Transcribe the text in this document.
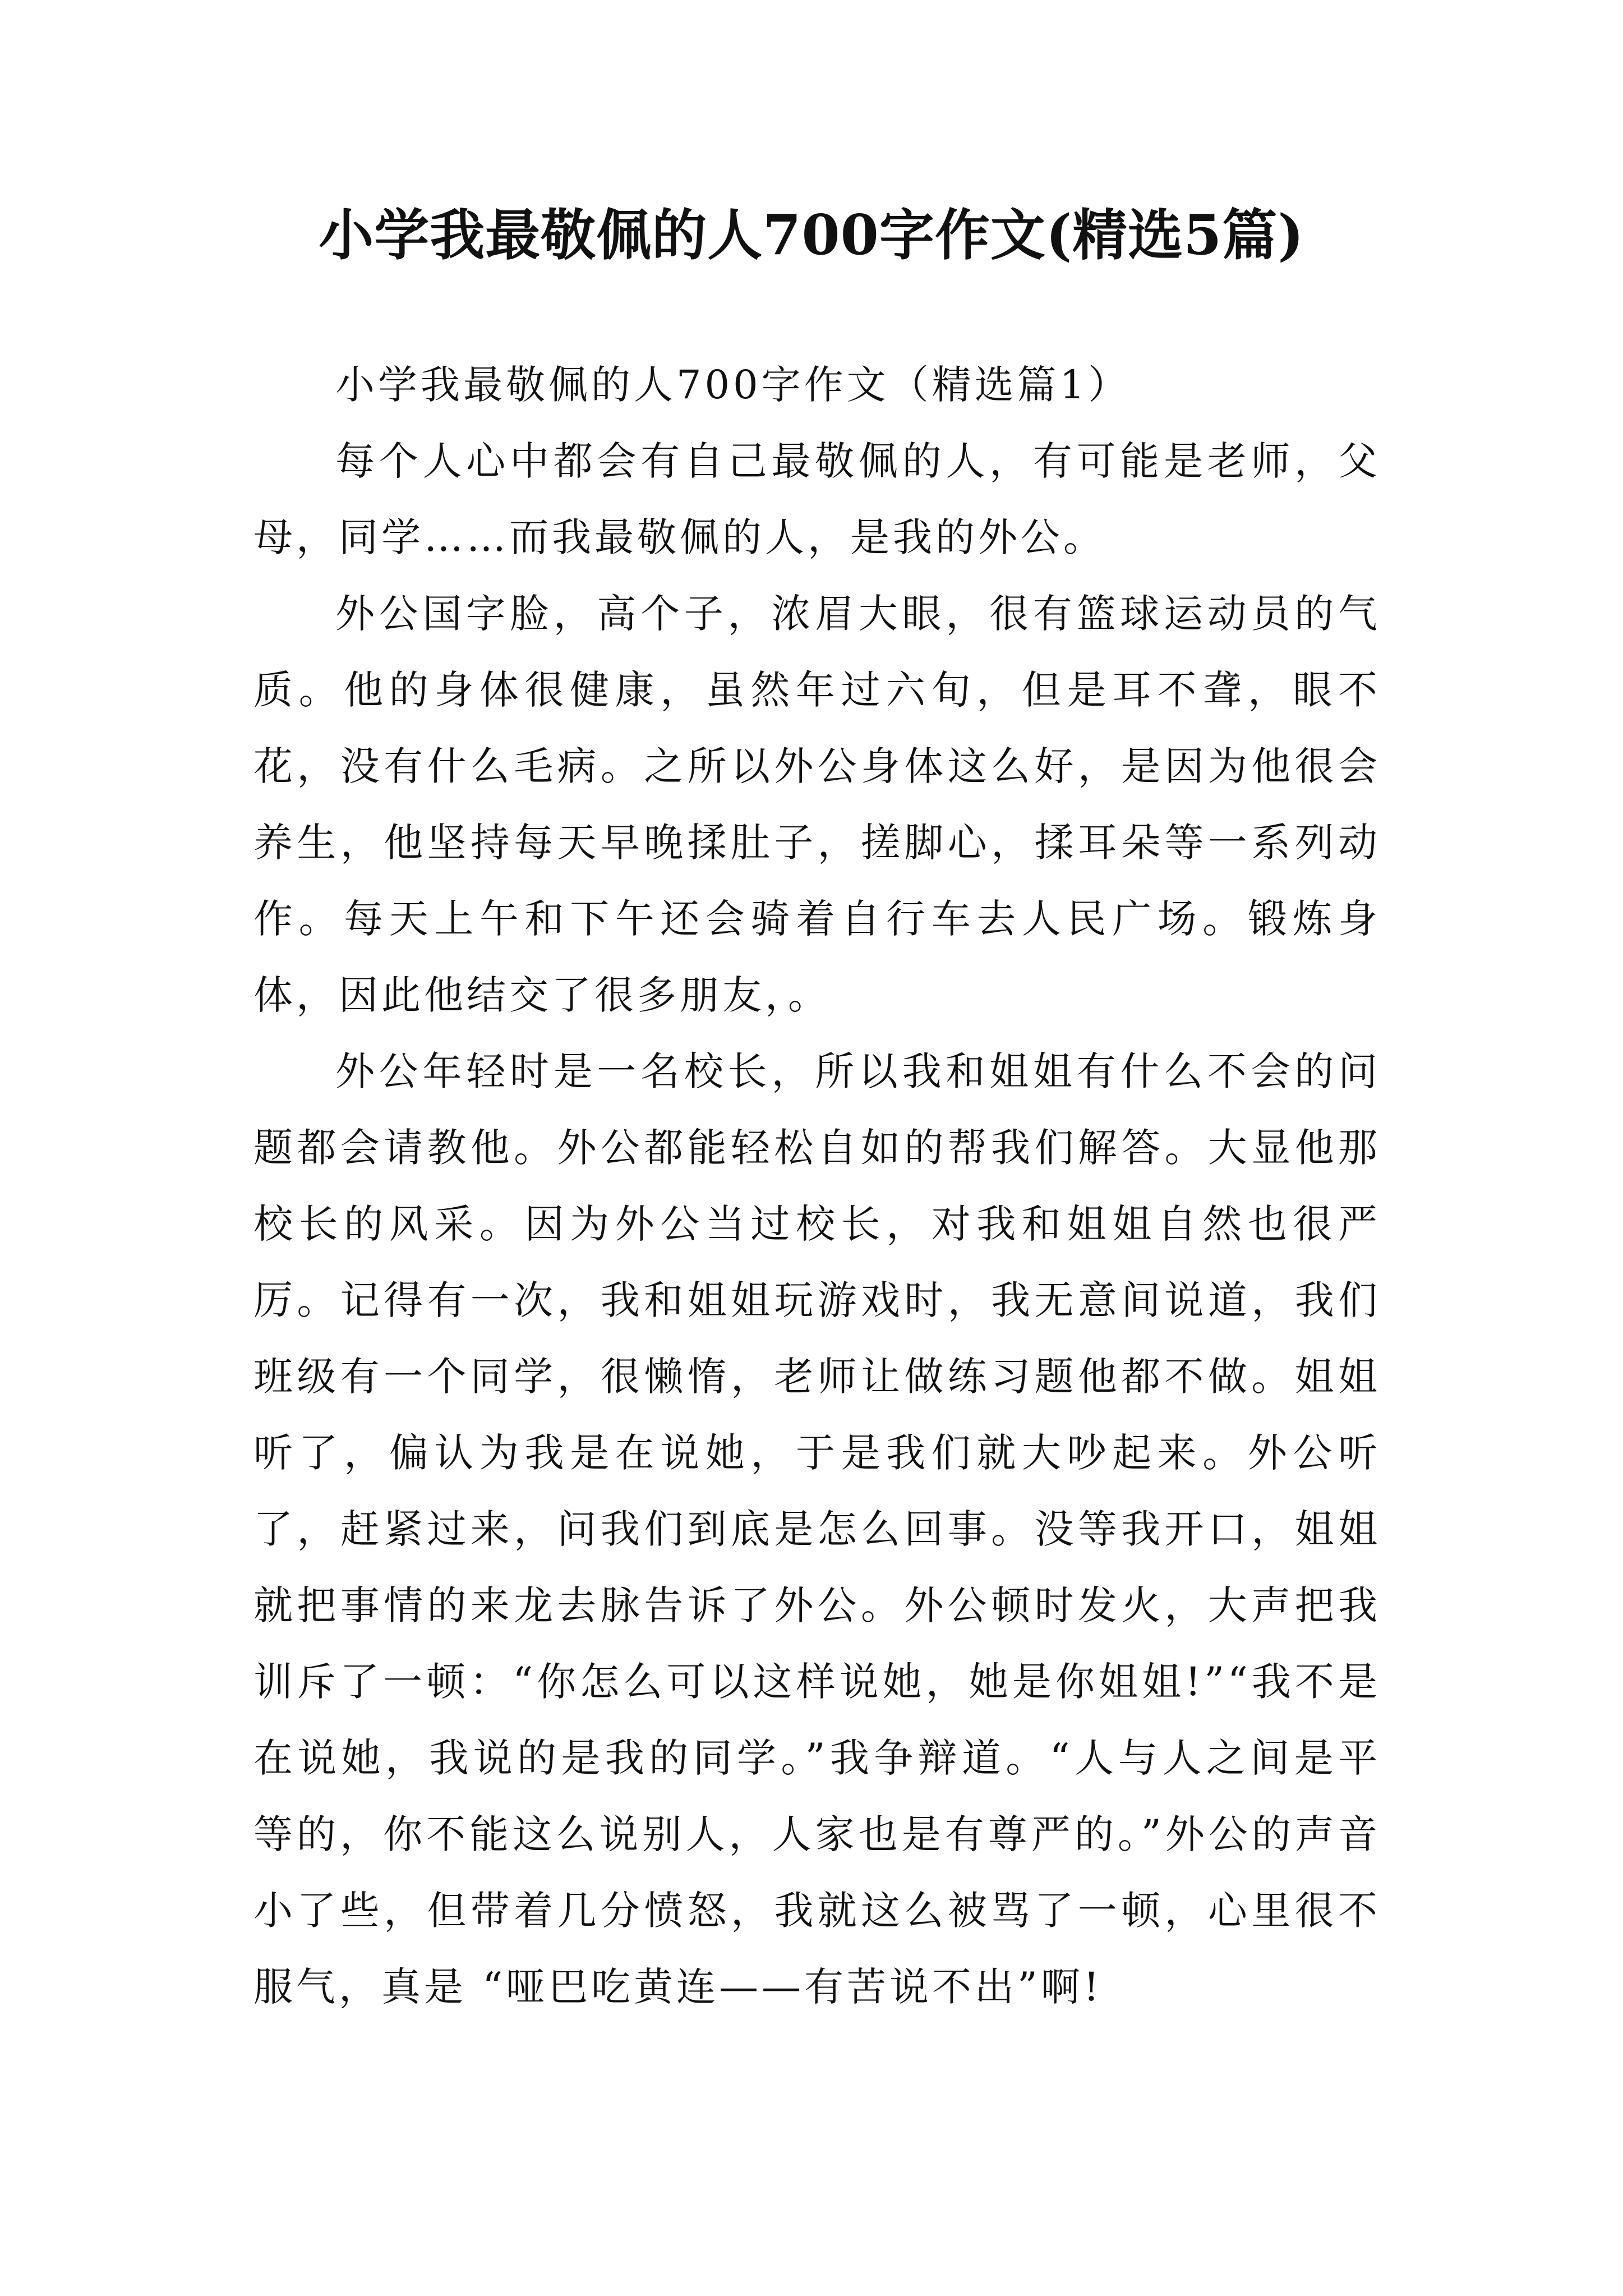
小学我最敬佩的人700字作文(精选5篇)

小学我最敬佩的人700字作文（精选篇1）

每个人心中都会有自己最敬佩的人，有可能是老师，父母，同学……而我最敬佩的人，是我的外公。

外公国字脸，高个子，浓眉大眼，很有篮球运动员的气质。他的身体很健康，虽然年过六旬，但是耳不聋，眼不花，没有什么毛病。之所以外公身体这么好，是因为他很会养生，他坚持每天早晚揉肚子，搓脚心，揉耳朵等一系列动作。每天上午和下午还会骑着自行车去人民广场。锻炼身体，因此他结交了很多朋友，。

外公年轻时是一名校长，所以我和姐姐有什么不会的问题都会请教他。外公都能轻松自如的帮我们解答。大显他那校长的风采。因为外公当过校长，对我和姐姐自然也很严厉。记得有一次，我和姐姐玩游戏时，我无意间说道，我们班级有一个同学，很懒惰，老师让做练习题他都不做。姐姐听了，偏认为我是在说她，于是我们就大吵起来。外公听了，赶紧过来，问我们到底是怎么回事。没等我开口，姐姐就把事情的来龙去脉告诉了外公。外公顿时发火，大声把我训斥了一顿：“你怎么可以这样说她，她是你姐姐!”“我不是在说她，我说的是我的同学。”我争辩道。“人与人之间是平等的，你不能这么说别人，人家也是有尊严的。”外公的声音小了些，但带着几分愤怒，我就这么被骂了一顿，心里很不服气，真是 “哑巴吃黄连——有苦说不出”啊!
